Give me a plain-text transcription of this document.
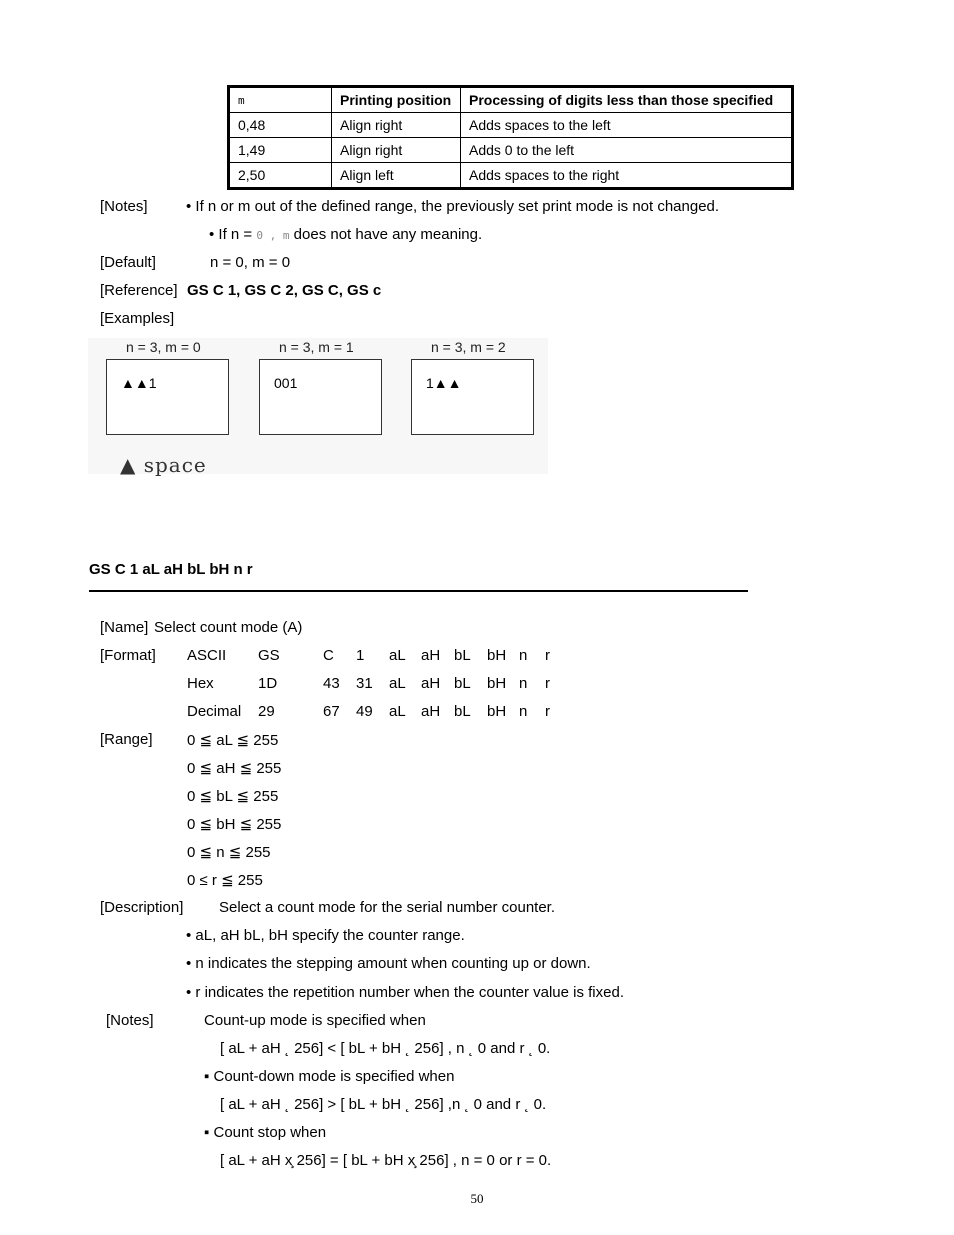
m	Printing position	Processing of digits less than those specified
0,48	Align right	Adds spaces to the left
1,49	Align right	Adds 0 to the left
2,50	Align left	Adds spaces to the right
[Notes]	• If n or m out of the defined range, the previously set print mode is not changed.
• If n = 0 , m does not have any meaning.
[Default]	n = 0, m = 0
[Reference] GS C 1, GS C 2, GS C, GS c
[Examples]
n = 3, m = 0
▲▲1
n = 3, m = 1
001
n = 3, m = 2
1▲▲
▲ space
GS C 1 aL aH bL bH n r
[Name] Select count mode (A)
[Format] ASCII GS	C 1 aL aH bL bH n r
Hex	1D	43 31 aL aH bL bH n r
Decimal 29	67 49 aL aH bL bH n r
[Range] 0 ≦ aL ≦ 255
0 ≦ aH ≦ 255
0 ≦ bL ≦ 255
0 ≦ bH ≦ 255
0 ≦ n ≦ 255
0 ≤ r ≦ 255
[Description] Select a count mode for the serial number counter.
• aL, aH bL, bH specify the counter range.
• n indicates the stepping amount when counting up or down.
• r indicates the repetition number when the counter value is fixed.
[Notes]	Count-up mode is specified when
[ aL + aH ˛ 256] < [ bL + bH ˛ 256] , n ˛ 0 and r ˛ 0.
▪ Count-down mode is specified when
[ aL + aH ˛ 256] > [ bL + bH ˛ 256] ,n ˛ 0 and r ˛ 0.
▪ Count stop when
[ aL + aH x̧ 256] = [ bL + bH x̧ 256] , n = 0 or r = 0.
50
